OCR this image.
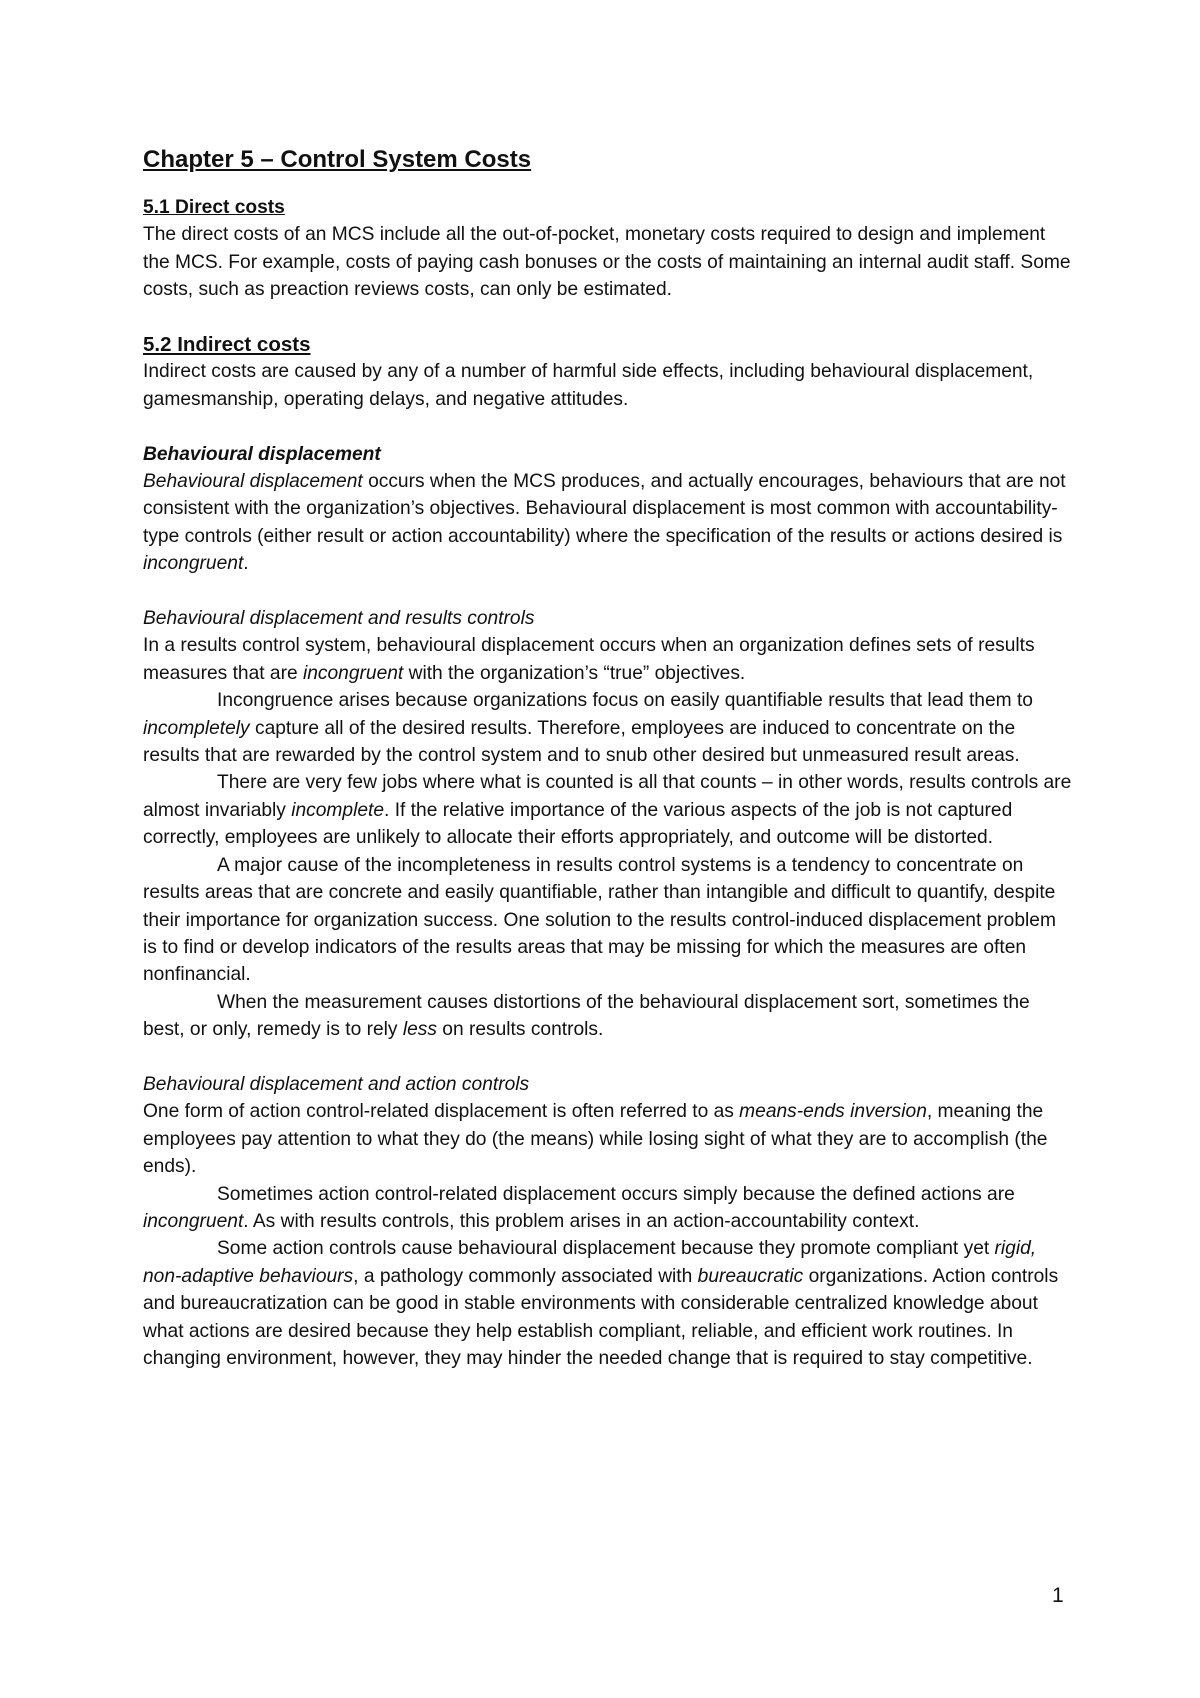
Chapter 5 – Control System Costs
5.1 Direct costs

The direct costs of an MCS include all the out-of-pocket, monetary costs required to design and implement the MCS. For example, costs of paying cash bonuses or the costs of maintaining an internal audit staff. Some costs, such as preaction reviews costs, can only be estimated.

5.2 Indirect costs

Indirect costs are caused by any of a number of harmful side effects, including behavioural displacement, gamesmanship, operating delays, and negative attitudes.

Behavioural displacement

Behavioural displacement occurs when the MCS produces, and actually encourages, behaviours that are not consistent with the organization’s objectives. Behavioural displacement is most common with accountability-type controls (either result or action accountability) where the specification of the results or actions desired is incongruent.

Behavioural displacement and results controls

In a results control system, behavioural displacement occurs when an organization defines sets of results measures that are incongruent with the organization’s “true” objectives.

Incongruence arises because organizations focus on easily quantifiable results that lead them to incompletely capture all of the desired results. Therefore, employees are induced to concentrate on the results that are rewarded by the control system and to snub other desired but unmeasured result areas.

There are very few jobs where what is counted is all that counts – in other words, results controls are almost invariably incomplete. If the relative importance of the various aspects of the job is not captured correctly, employees are unlikely to allocate their efforts appropriately, and outcome will be distorted.

A major cause of the incompleteness in results control systems is a tendency to concentrate on results areas that are concrete and easily quantifiable, rather than intangible and difficult to quantify, despite their importance for organization success. One solution to the results control-induced displacement problem is to find or develop indicators of the results areas that may be missing for which the measures are often nonfinancial.

When the measurement causes distortions of the behavioural displacement sort, sometimes the best, or only, remedy is to rely less on results controls.

Behavioural displacement and action controls

One form of action control-related displacement is often referred to as means-ends inversion, meaning the employees pay attention to what they do (the means) while losing sight of what they are to accomplish (the ends).

Sometimes action control-related displacement occurs simply because the defined actions are incongruent. As with results controls, this problem arises in an action-accountability context.

Some action controls cause behavioural displacement because they promote compliant yet rigid, non-adaptive behaviours, a pathology commonly associated with bureaucratic organizations. Action controls and bureaucratization can be good in stable environments with considerable centralized knowledge about what actions are desired because they help establish compliant, reliable, and efficient work routines. In changing environment, however, they may hinder the needed change that is required to stay competitive.

1
